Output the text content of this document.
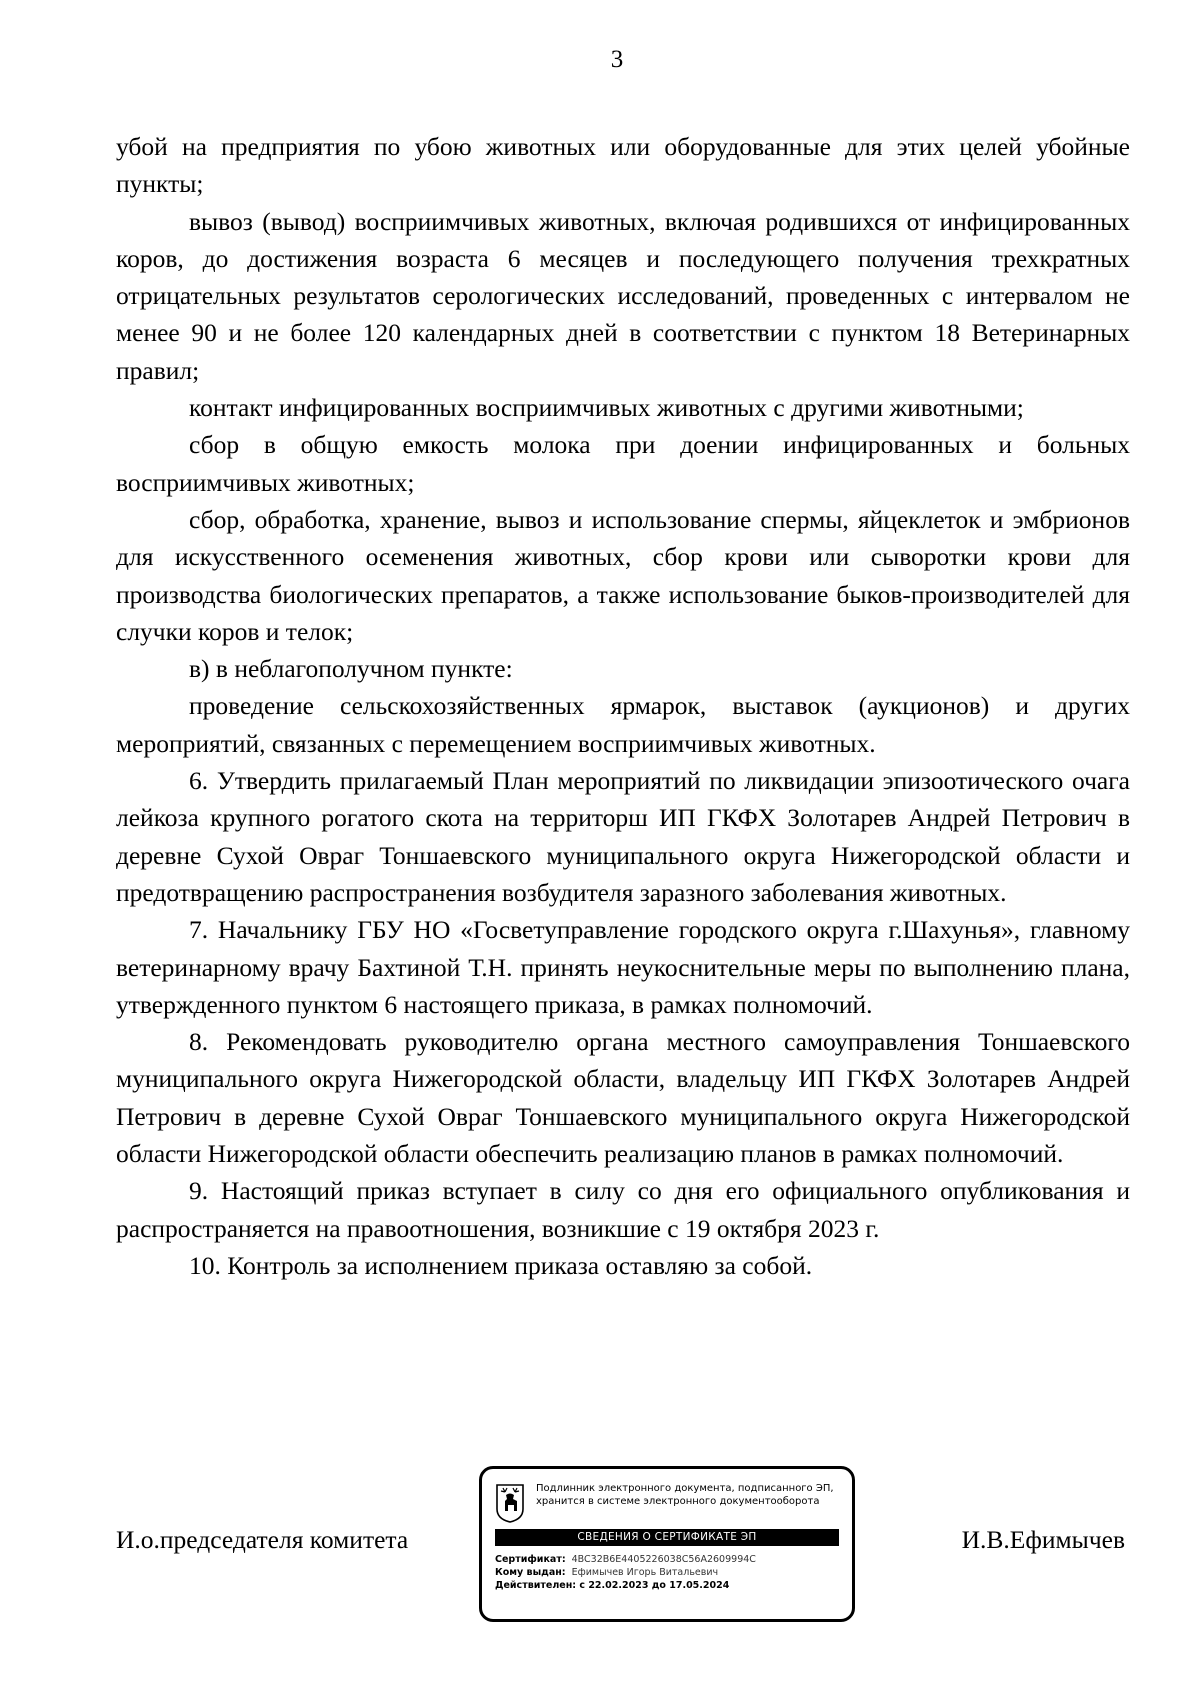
3

убой на предприятия по убою животных или оборудованные для этих целей убойные пункты;

вывоз (вывод) восприимчивых животных, включая родившихся от инфицированных коров, до достижения возраста 6 месяцев и последующего получения трехкратных отрицательных результатов серологических исследований, проведенных с интервалом не менее 90 и не более 120 календарных дней в соответствии с пунктом 18 Ветеринарных правил;

контакт инфицированных восприимчивых животных с другими животными;

сбор в общую емкость молока при доении инфицированных и больных восприимчивых животных;

сбор, обработка, хранение, вывоз и использование спермы, яйцеклеток и эмбрионов для искусственного осеменения животных, сбор крови или сыворотки крови для производства биологических препаратов, а также использование быков-производителей для случки коров и телок;

в) в неблагополучном пункте:

проведение сельскохозяйственных ярмарок, выставок (аукционов) и других мероприятий, связанных с перемещением восприимчивых животных.

6. Утвердить прилагаемый План мероприятий по ликвидации эпизоотического очага лейкоза крупного рогатого скота на территорш ИП ГКФХ Золотарев Андрей Петрович в деревне Сухой Овраг Тоншаевского муниципального округа Нижегородской области и предотвращению распространения возбудителя заразного заболевания животных.

7. Начальнику ГБУ НО «Госветуправление городского округа г.Шахунья», главному ветеринарному врачу Бахтиной Т.Н. принять неукоснительные меры по выполнению плана, утвержденного пунктом 6 настоящего приказа, в рамках полномочий.

8. Рекомендовать руководителю органа местного самоуправления Тоншаевского муниципального округа Нижегородской области, владельцу ИП ГКФХ Золотарев Андрей Петрович в деревне Сухой Овраг Тоншаевского муниципального округа Нижегородской области Нижегородской области обеспечить реализацию планов в рамках полномочий.

9. Настоящий приказ вступает в силу со дня его официального опубликования и распространяется на правоотношения, возникшие с 19 октября 2023 г.

10. Контроль за исполнением приказа оставляю за собой.

И.о.председателя комитета	И.В.Ефимычев
Подлинник электронного документа, подписанного ЭП, хранится в системе электронного документооборота
СВЕДЕНИЯ О СЕРТИФИКАТЕ ЭП
Сертификат: 4BC32B6E4405226038C56A2609994C
Кому выдан: Ефимычев Игорь Витальевич
Действителен: с 22.02.2023 до 17.05.2024
